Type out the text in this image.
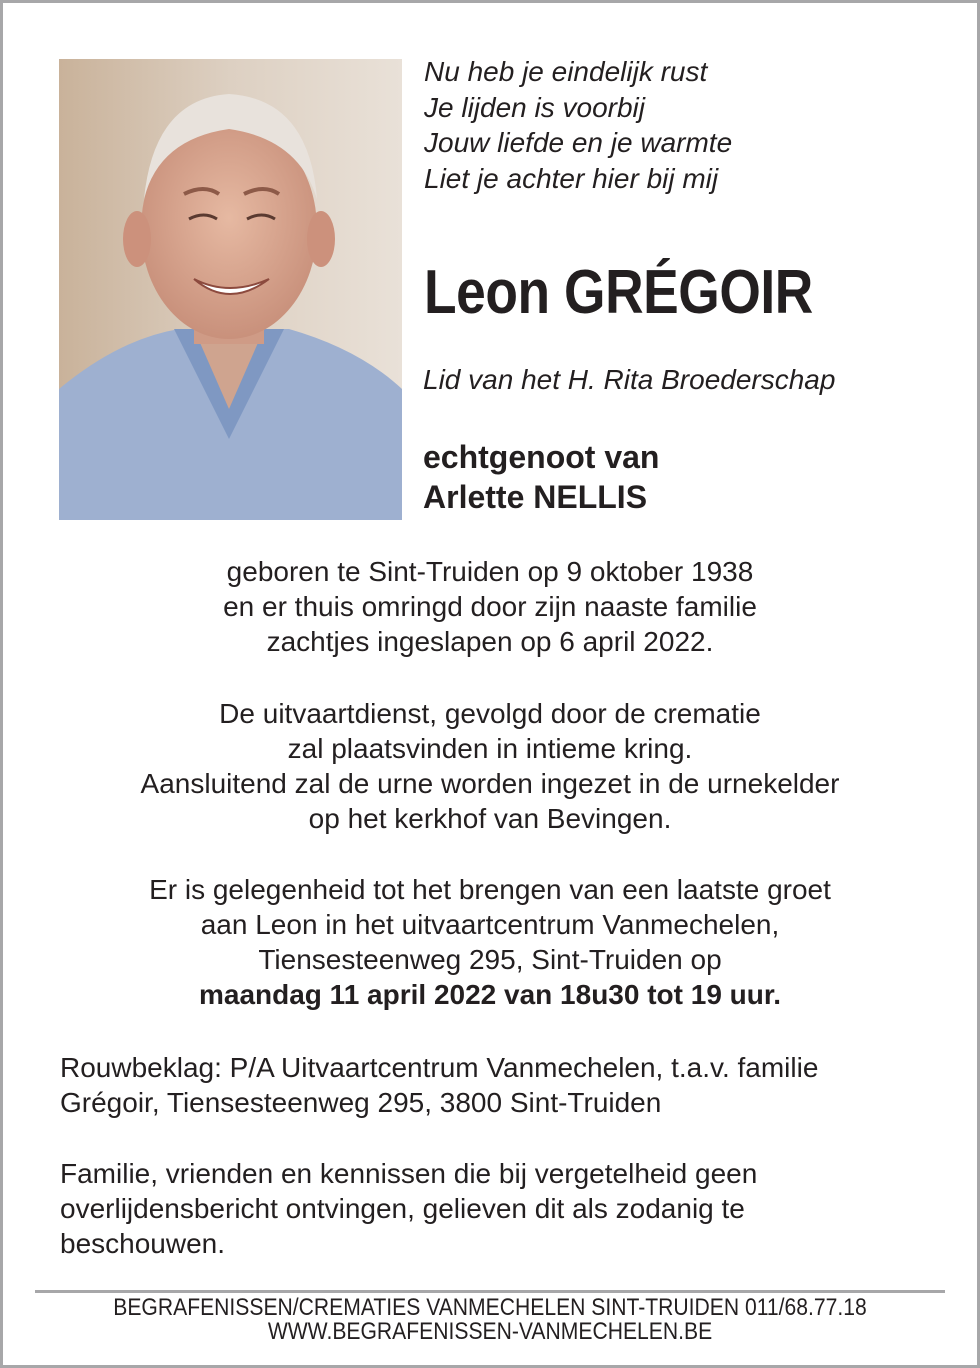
Nu heb je eindelijk rust
Je lijden is voorbij
Jouw liefde en je warmte
Liet je achter hier bij mij
Leon GRÉGOIR
Lid van het H. Rita Broederschap
echtgenoot van
Arlette NELLIS
geboren te Sint-Truiden op 9 oktober 1938
en er thuis omringd door zijn naaste familie
zachtjes ingeslapen op 6 april 2022.
De uitvaartdienst, gevolgd door de crematie
zal plaatsvinden in intieme kring.
Aansluitend zal de urne worden ingezet in de urnekelder
op het kerkhof van Bevingen.
Er is gelegenheid tot het brengen van een laatste groet
aan Leon in het uitvaartcentrum Vanmechelen,
Tiensesteenweg 295, Sint-Truiden op
maandag 11 april 2022 van 18u30 tot 19 uur.
Rouwbeklag: P/A Uitvaartcentrum Vanmechelen, t.a.v. familie
Grégoir, Tiensesteenweg 295, 3800 Sint-Truiden
Familie, vrienden en kennissen die bij vergetelheid geen
overlijdensbericht ontvingen, gelieven dit als zodanig te
beschouwen.
BEGRAFENISSEN/CREMATIES VANMECHELEN SINT-TRUIDEN 011/68.77.18
WWW.BEGRAFENISSEN-VANMECHELEN.BE
